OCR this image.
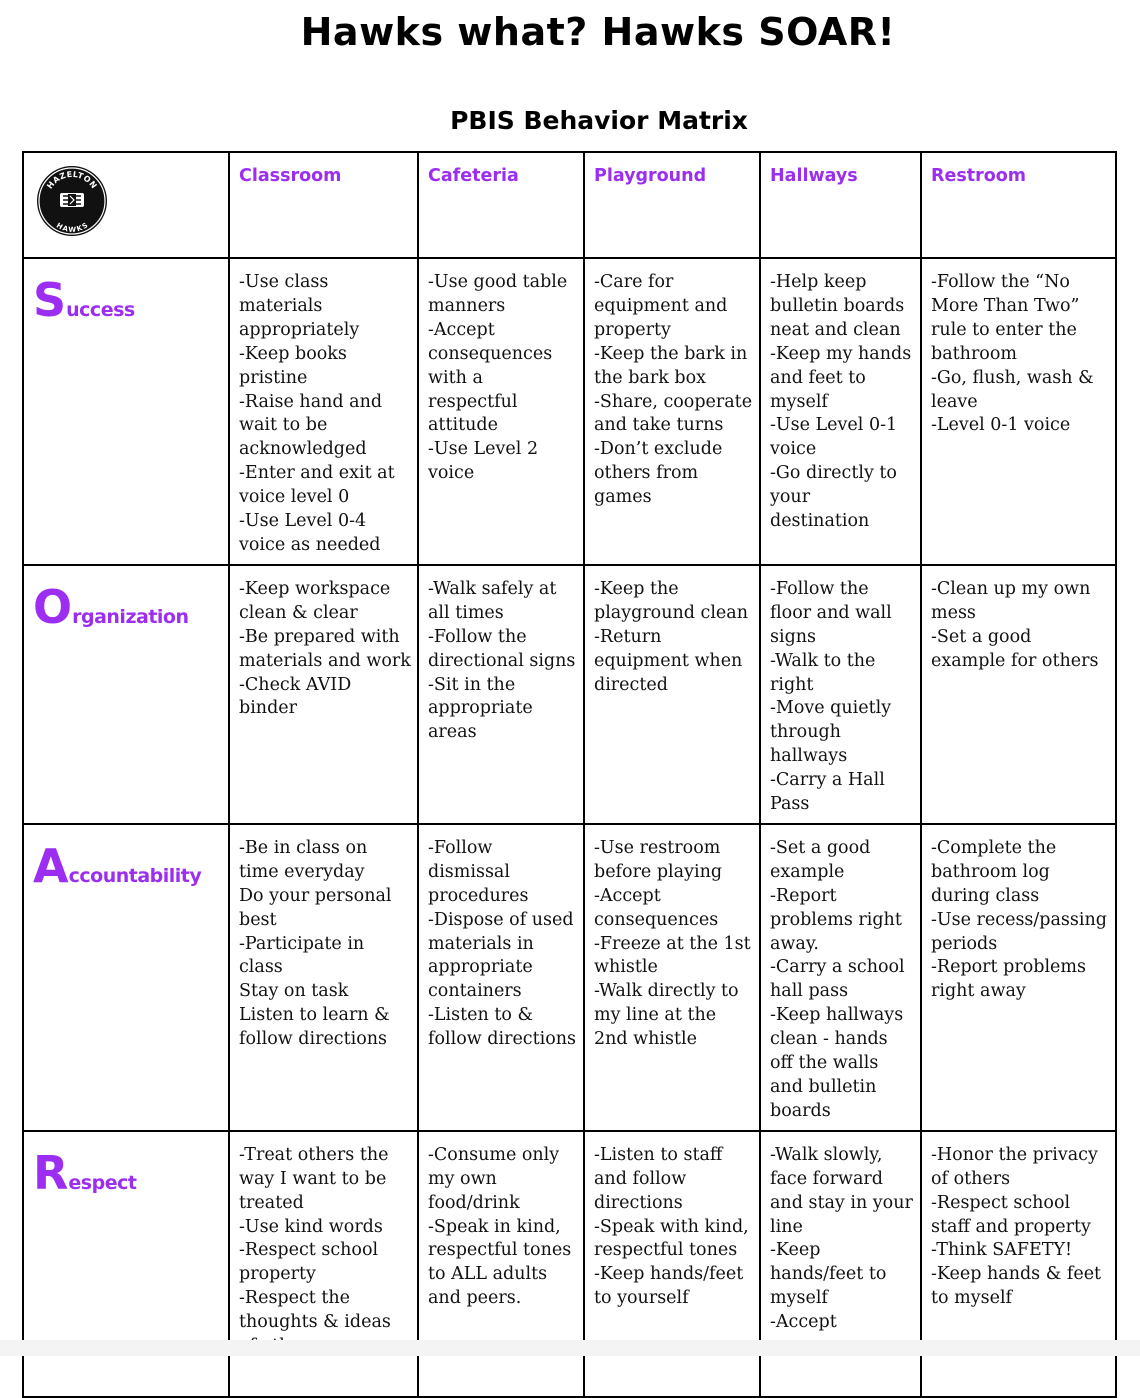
Hawks what? Hawks SOAR!
PBIS Behavior Matrix
HAZELTON
HAWKS	Classroom	Cafeteria	Playground	Hallways	Restroom
Success	-Use class materials appropriately
-Keep books pristine
-Raise hand and wait to be acknowledged
-Enter and exit at voice level 0
-Use Level 0-4 voice as needed	-Use good table manners
-Accept consequences with a respectful attitude
-Use Level 2 voice	-Care for equipment and property
-Keep the bark in the bark box
-Share, cooperate and take turns
-Don’t exclude others from games	-Help keep bulletin boards neat and clean
-Keep my hands and feet to myself
-Use Level 0-1 voice
-Go directly to your destination	-Follow the “No More Than Two” rule to enter the bathroom
-Go, flush, wash & leave
-Level 0-1 voice

Organization	-Keep workspace clean & clear
-Be prepared with materials and work
-Check AVID binder	-Walk safely at all times
-Follow the directional signs
-Sit in the appropriate areas	-Keep the playground clean
-Return equipment when directed	-Follow the floor and wall signs
-Walk to the right
-Move quietly through hallways
-Carry a Hall Pass	-Clean up my own mess
-Set a good example for others

Accountability	-Be in class on time everyday
Do your personal best
-Participate in class
Stay on task
Listen to learn & follow directions	-Follow dismissal procedures
-Dispose of used materials in appropriate containers
-Listen to & follow directions	-Use restroom before playing
-Accept consequences
-Freeze at the 1st whistle
-Walk directly to my line at the 2nd whistle	-Set a good example
-Report problems right away.
-Carry a school hall pass
-Keep hallways clean - hands off the walls and bulletin boards	-Complete the bathroom log during class
-Use recess/passing periods
-Report problems right away

Respect	-Treat others the way I want to be treated
-Use kind words
-Respect school property
-Respect the thoughts & ideas	-Consume only my own food/drink
-Speak in kind, respectful tones to ALL adults and peers.	-Listen to staff and follow directions
-Speak with kind, respectful tones
-Keep hands/feet to yourself	-Walk slowly, face forward and stay in your line
-Keep hands/feet to myself
-Accept	-Honor the privacy of others
-Respect school staff and property
-Think SAFETY!
-Keep hands & feet to myself
